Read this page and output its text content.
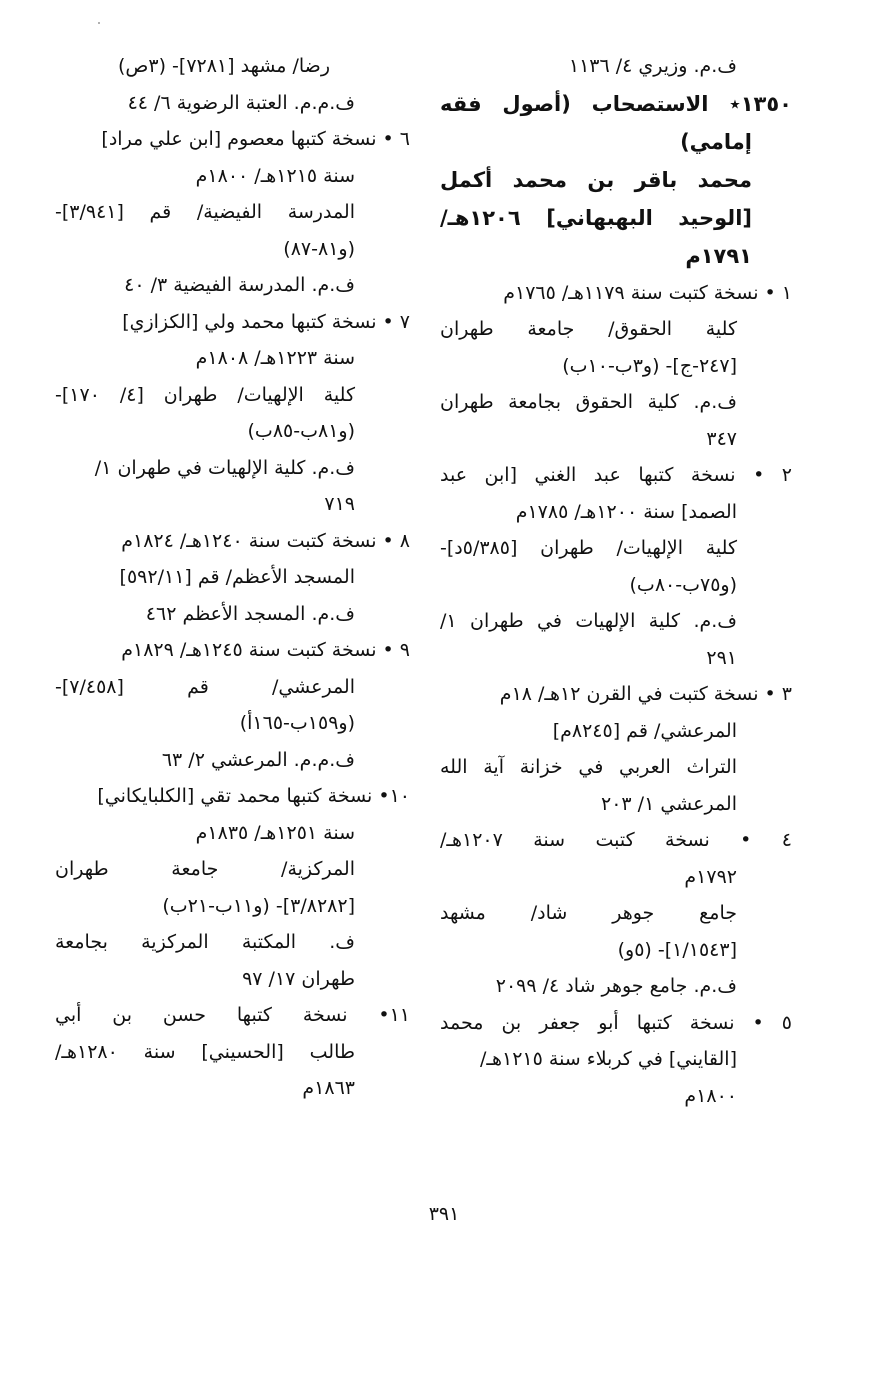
ف.م. وزيري ٤/ ١١٣٦
١٣٥٠٭ الاستصحاب (أصول فقه
إمامي)
محمد باقر بن محمد أكمل
[الوحيد البهبهاني] ١٢٠٦هـ/
١٧٩١م
١ • نسخة كتبت سنة ١١٧٩هـ/ ١٧٦٥م
كلية الحقوق/ جامعة طهران
[٢٤٧-ج]- (و٣ب-١٠ب)
ف.م. كلية الحقوق بجامعة طهران
٣٤٧
٢ • نسخة كتبها عبد الغني [ابن عبد
الصمد] سنة ١٢٠٠هـ/ ١٧٨٥م
كلية الإلهيات/ طهران [٥/٣٨٥د]-
(و٧٥ب-٨٠ب)
ف.م. كلية الإلهيات في طهران ١/
٢٩١
٣ • نسخة كتبت في القرن ١٢هـ/ ١٨م
المرعشي/ قم [٨٢٤٥م]
التراث العربي في خزانة آية الله
المرعشي ١/ ٢٠٣
٤ • نسخة كتبت سنة ١٢٠٧هـ/
١٧٩٢م
جامع جوهر شاد/ مشهد
[١/١٥٤٣]- (٥و)
ف.م. جامع جوهر شاد ٤/ ٢٠٩٩
٥ • نسخة كتبها أبو جعفر بن محمد
[القايني] في كربلاء سنة ١٢١٥هـ/
١٨٠٠م
رضا/ مشهد [٧٢٨١]- (٣ص)
ف.م.م. العتبة الرضوية ٦/ ٤٤
٦ • نسخة كتبها معصوم [ابن علي مراد]
سنة ١٢١٥هـ/ ١٨٠٠م
المدرسة الفيضية/ قم [٣/٩٤١]-
(و٨١-٨٧)
ف.م. المدرسة الفيضية ٣/ ٤٠
٧ • نسخة كتبها محمد ولي [الكزازي]
سنة ١٢٢٣هـ/ ١٨٠٨م
كلية الإلهيات/ طهران [٤/ ١٧٠]-
(و٨١ب-٨٥ب)
ف.م. كلية الإلهيات في طهران ١/
٧١٩
٨ • نسخة كتبت سنة ١٢٤٠هـ/ ١٨٢٤م
المسجد الأعظم/ قم [٥٩٢/١١]
ف.م. المسجد الأعظم ٤٦٢
٩ • نسخة كتبت سنة ١٢٤٥هـ/ ١٨٢٩م
المرعشي/ قم [٧/٤٥٨]-
(و١٥٩ب-١٦٥أ)
ف.م.م. المرعشي ٢/ ٦٣
١٠• نسخة كتبها محمد تقي [الكلبايكاني]
سنة ١٢٥١هـ/ ١٨٣٥م
المركزية/ جامعة طهران
[٣/٨٢٨٢]- (و١١ب-٢١ب)
ف. المكتبة المركزية بجامعة
طهران ١٧/ ٩٧
١١• نسخة كتبها حسن بن أبي
طالب [الحسيني] سنة ١٢٨٠هـ/
١٨٦٣م
٣٩١
